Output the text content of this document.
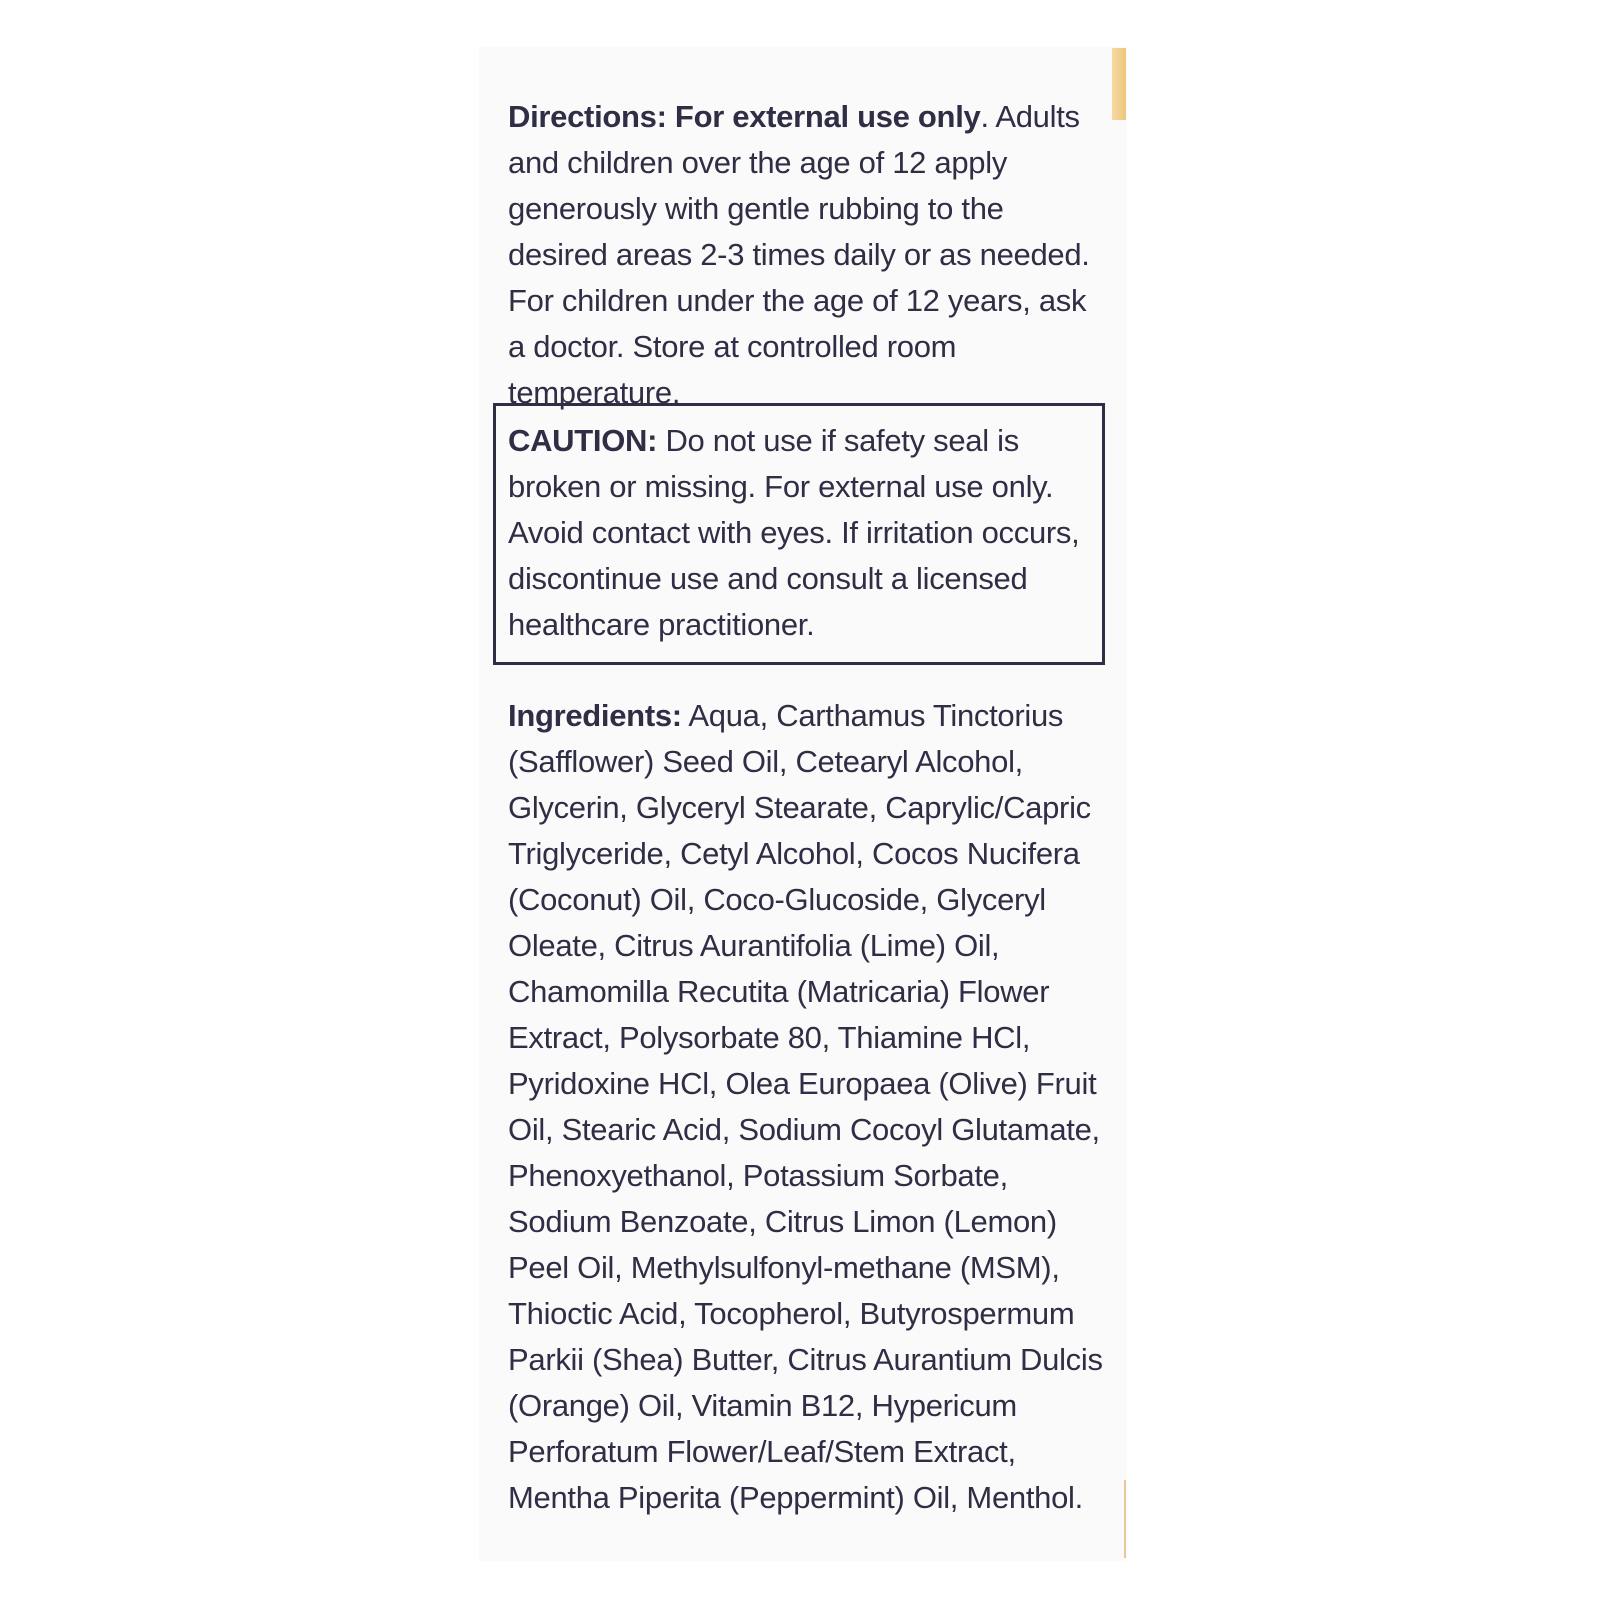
Directions: For external use only. Adults and children over the age of 12 apply generously with gentle rubbing to the desired areas 2-3 times daily or as needed. For children under the age of 12 years, ask a doctor. Store at controlled room temperature.
CAUTION: Do not use if safety seal is broken or missing. For external use only. Avoid contact with eyes. If irritation occurs, discontinue use and consult a licensed healthcare practitioner.
Ingredients: Aqua, Carthamus Tinctorius (Safflower) Seed Oil, Cetearyl Alcohol, Glycerin, Glyceryl Stearate, Caprylic/Capric Triglyceride, Cetyl Alcohol, Cocos Nucifera (Coconut) Oil, Coco-Glucoside, Glyceryl Oleate, Citrus Aurantifolia (Lime) Oil, Chamomilla Recutita (Matricaria) Flower Extract, Polysorbate 80, Thiamine HCl, Pyridoxine HCl, Olea Europaea (Olive) Fruit Oil, Stearic Acid, Sodium Cocoyl Glutamate, Phenoxyethanol, Potassium Sorbate, Sodium Benzoate, Citrus Limon (Lemon) Peel Oil, Methylsulfonyl-methane (MSM), Thioctic Acid, Tocopherol, Butyrospermum Parkii (Shea) Butter, Citrus Aurantium Dulcis (Orange) Oil, Vitamin B12, Hypericum Perforatum Flower/Leaf/Stem Extract, Mentha Piperita (Peppermint) Oil, Menthol.
